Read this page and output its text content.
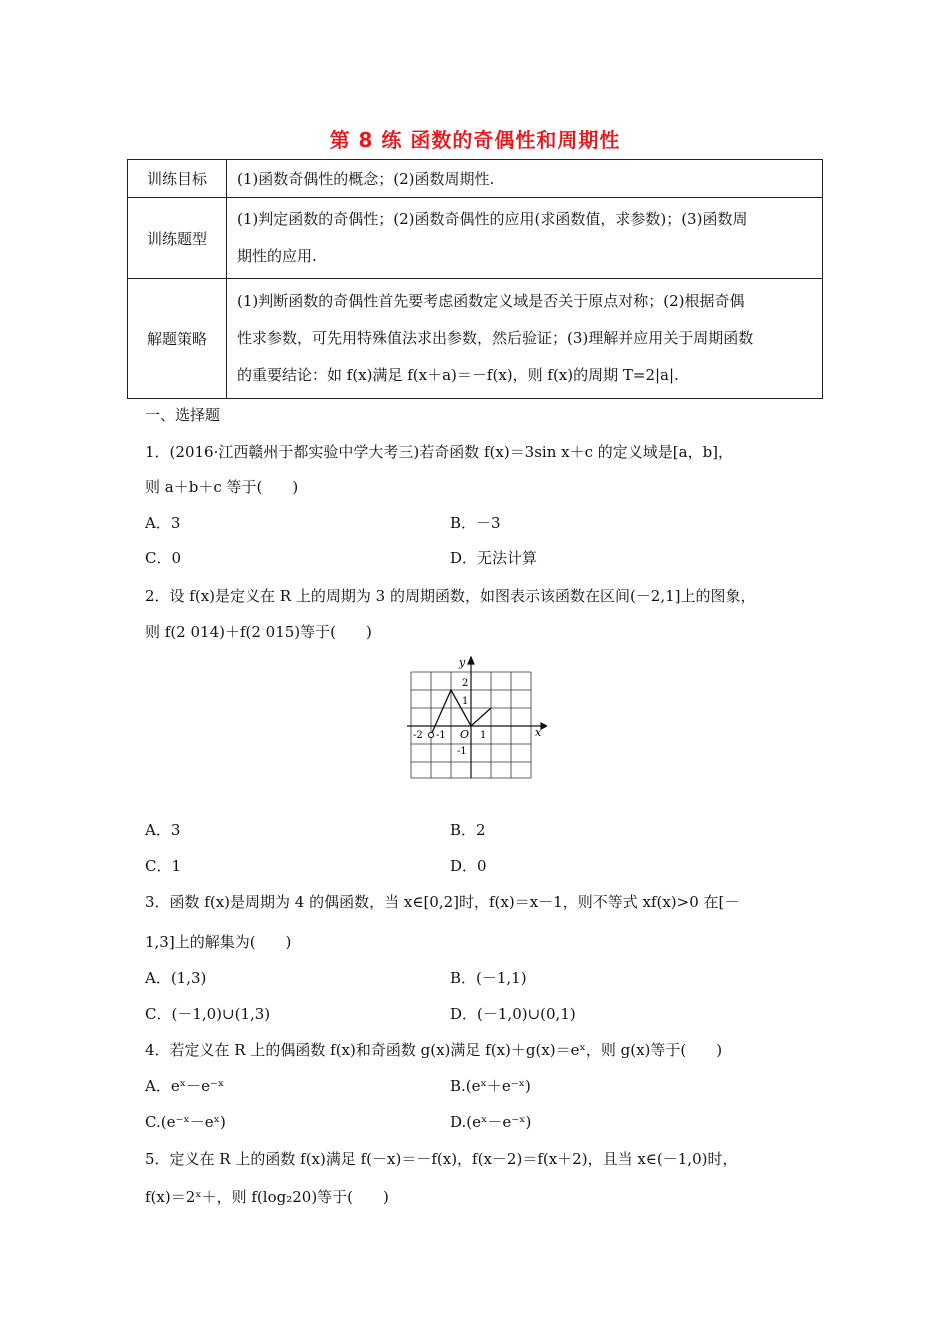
第 8 练 函数的奇偶性和周期性
训练目标	(1)函数奇偶性的概念；(2)函数周期性.

训练题型	(1)判定函数的奇偶性；(2)函数奇偶性的应用(求函数值，求参数)；(3)函数周
期性的应用.

解题策略	(1)判断函数的奇偶性首先要考虑函数定义域是否关于原点对称；(2)根据奇偶
性求参数，可先用特殊值法求出参数，然后验证；(3)理解并应用关于周期函数
的重要结论：如 f(x)满足 f(x＋a)＝－f(x)，则 f(x)的周期 T=2|a|.
一、选择题
1．(2016·江西赣州于都实验中学大考三)若奇函数 f(x)＝3sin x＋c 的定义域是[a，b]，
则 a＋b＋c 等于(　　)
A．3	B．－3
C．0	D．无法计算
2．设 f(x)是定义在 R 上的周期为 3 的周期函数，如图表示该函数在区间(－2,1]上的图象，
则 f(2 014)＋f(2 015)等于(　　)
x
y
O
-2 -1	1
2
1
-1
A．3	B．2
C．1	D．0
3．函数 f(x)是周期为 4 的偶函数，当 x∈[0,2]时，f(x)＝x－1，则不等式 xf(x)>0 在[－
1,3]上的解集为(　　)
A．(1,3)	B．(－1,1)
C．(－1,0)∪(1,3)	D．(－1,0)∪(0,1)
4．若定义在 R 上的偶函数 f(x)和奇函数 g(x)满足 f(x)＋g(x)＝eˣ，则 g(x)等于(　　)
A．eˣ－e⁻ˣ	B.(eˣ＋e⁻ˣ)
C.(e⁻ˣ－eˣ)	D.(eˣ－e⁻ˣ)
5．定义在 R 上的函数 f(x)满足 f(－x)＝－f(x)，f(x－2)＝f(x＋2)，且当 x∈(－1,0)时，
f(x)＝2ˣ＋，则 f(log₂20)等于(　　)
